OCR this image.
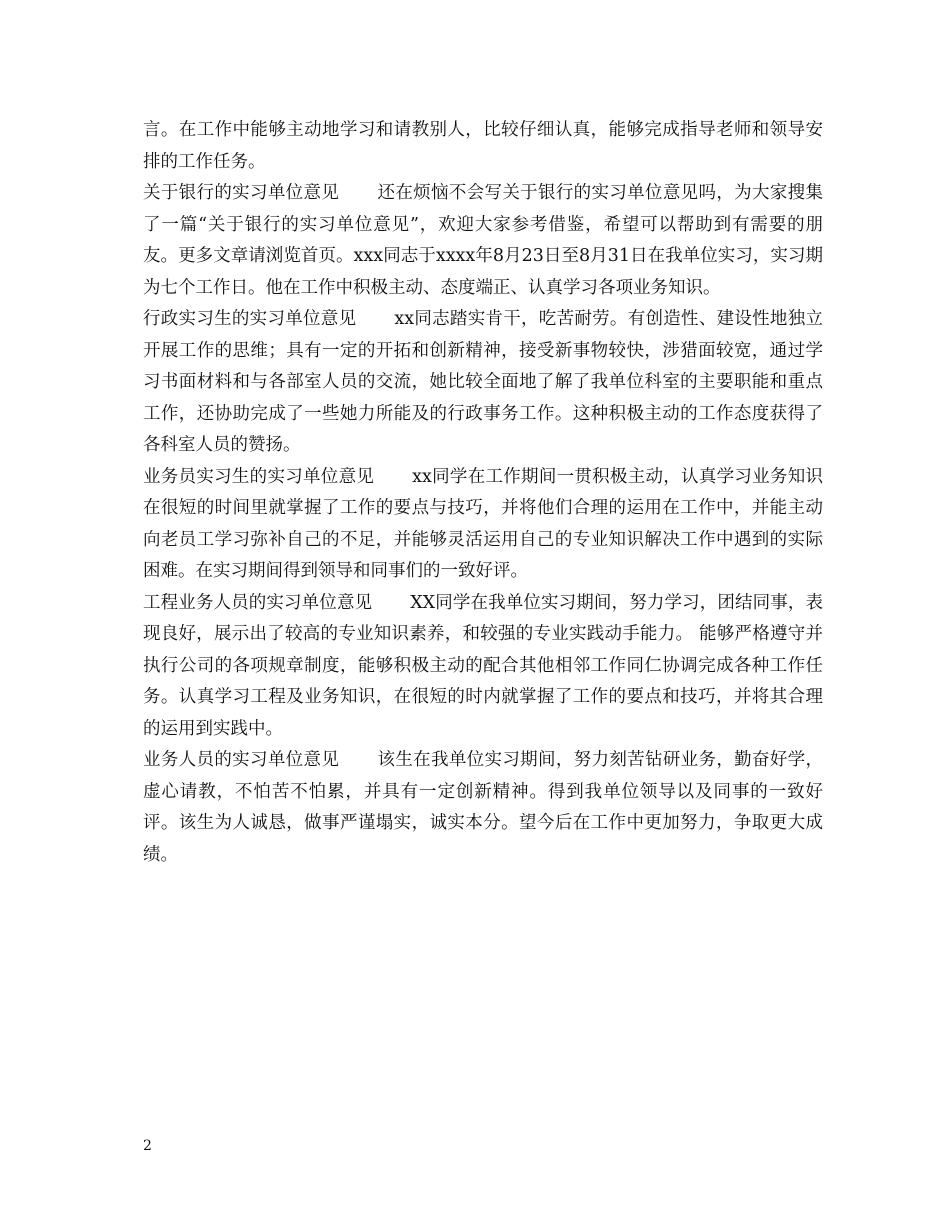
言。在工作中能够主动地学习和请教别人，比较仔细认真，能够完成指导老师和领导安排的工作任务。

关于银行的实习单位意见 还在烦恼不会写关于银行的实习单位意见吗，为大家搜集了一篇“关于银行的实习单位意见”，欢迎大家参考借鉴，希望可以帮助到有需要的朋友。更多文章请浏览首页。xxx同志于xxxx年8月23日至8月31日在我单位实习，实习期为七个工作日。他在工作中积极主动、态度端正、认真学习各项业务知识。

行政实习生的实习单位意见 xx同志踏实肯干，吃苦耐劳。有创造性、建设性地独立开展工作的思维；具有一定的开拓和创新精神，接受新事物较快，涉猎面较宽，通过学习书面材料和与各部室人员的交流，她比较全面地了解了我单位科室的主要职能和重点工作，还协助完成了一些她力所能及的行政事务工作。这种积极主动的工作态度获得了各科室人员的赞扬。

业务员实习生的实习单位意见 xx同学在工作期间一贯积极主动，认真学习业务知识在很短的时间里就掌握了工作的要点与技巧，并将他们合理的运用在工作中，并能主动向老员工学习弥补自己的不足，并能够灵活运用自己的专业知识解决工作中遇到的实际困难。在实习期间得到领导和同事们的一致好评。

工程业务人员的实习单位意见 XX同学在我单位实习期间，努力学习，团结同事，表现良好，展示出了较高的专业知识素养，和较强的专业实践动手能力。 能够严格遵守并执行公司的各项规章制度，能够积极主动的配合其他相邻工作同仁协调完成各种工作任务。认真学习工程及业务知识，在很短的时内就掌握了工作的要点和技巧，并将其合理的运用到实践中。

业务人员的实习单位意见 该生在我单位实习期间，努力刻苦钻研业务，勤奋好学，虚心请教，不怕苦不怕累，并具有一定创新精神。得到我单位领导以及同事的一致好评。该生为人诚恳，做事严谨塌实，诚实本分。望今后在工作中更加努力，争取更大成绩。

2
